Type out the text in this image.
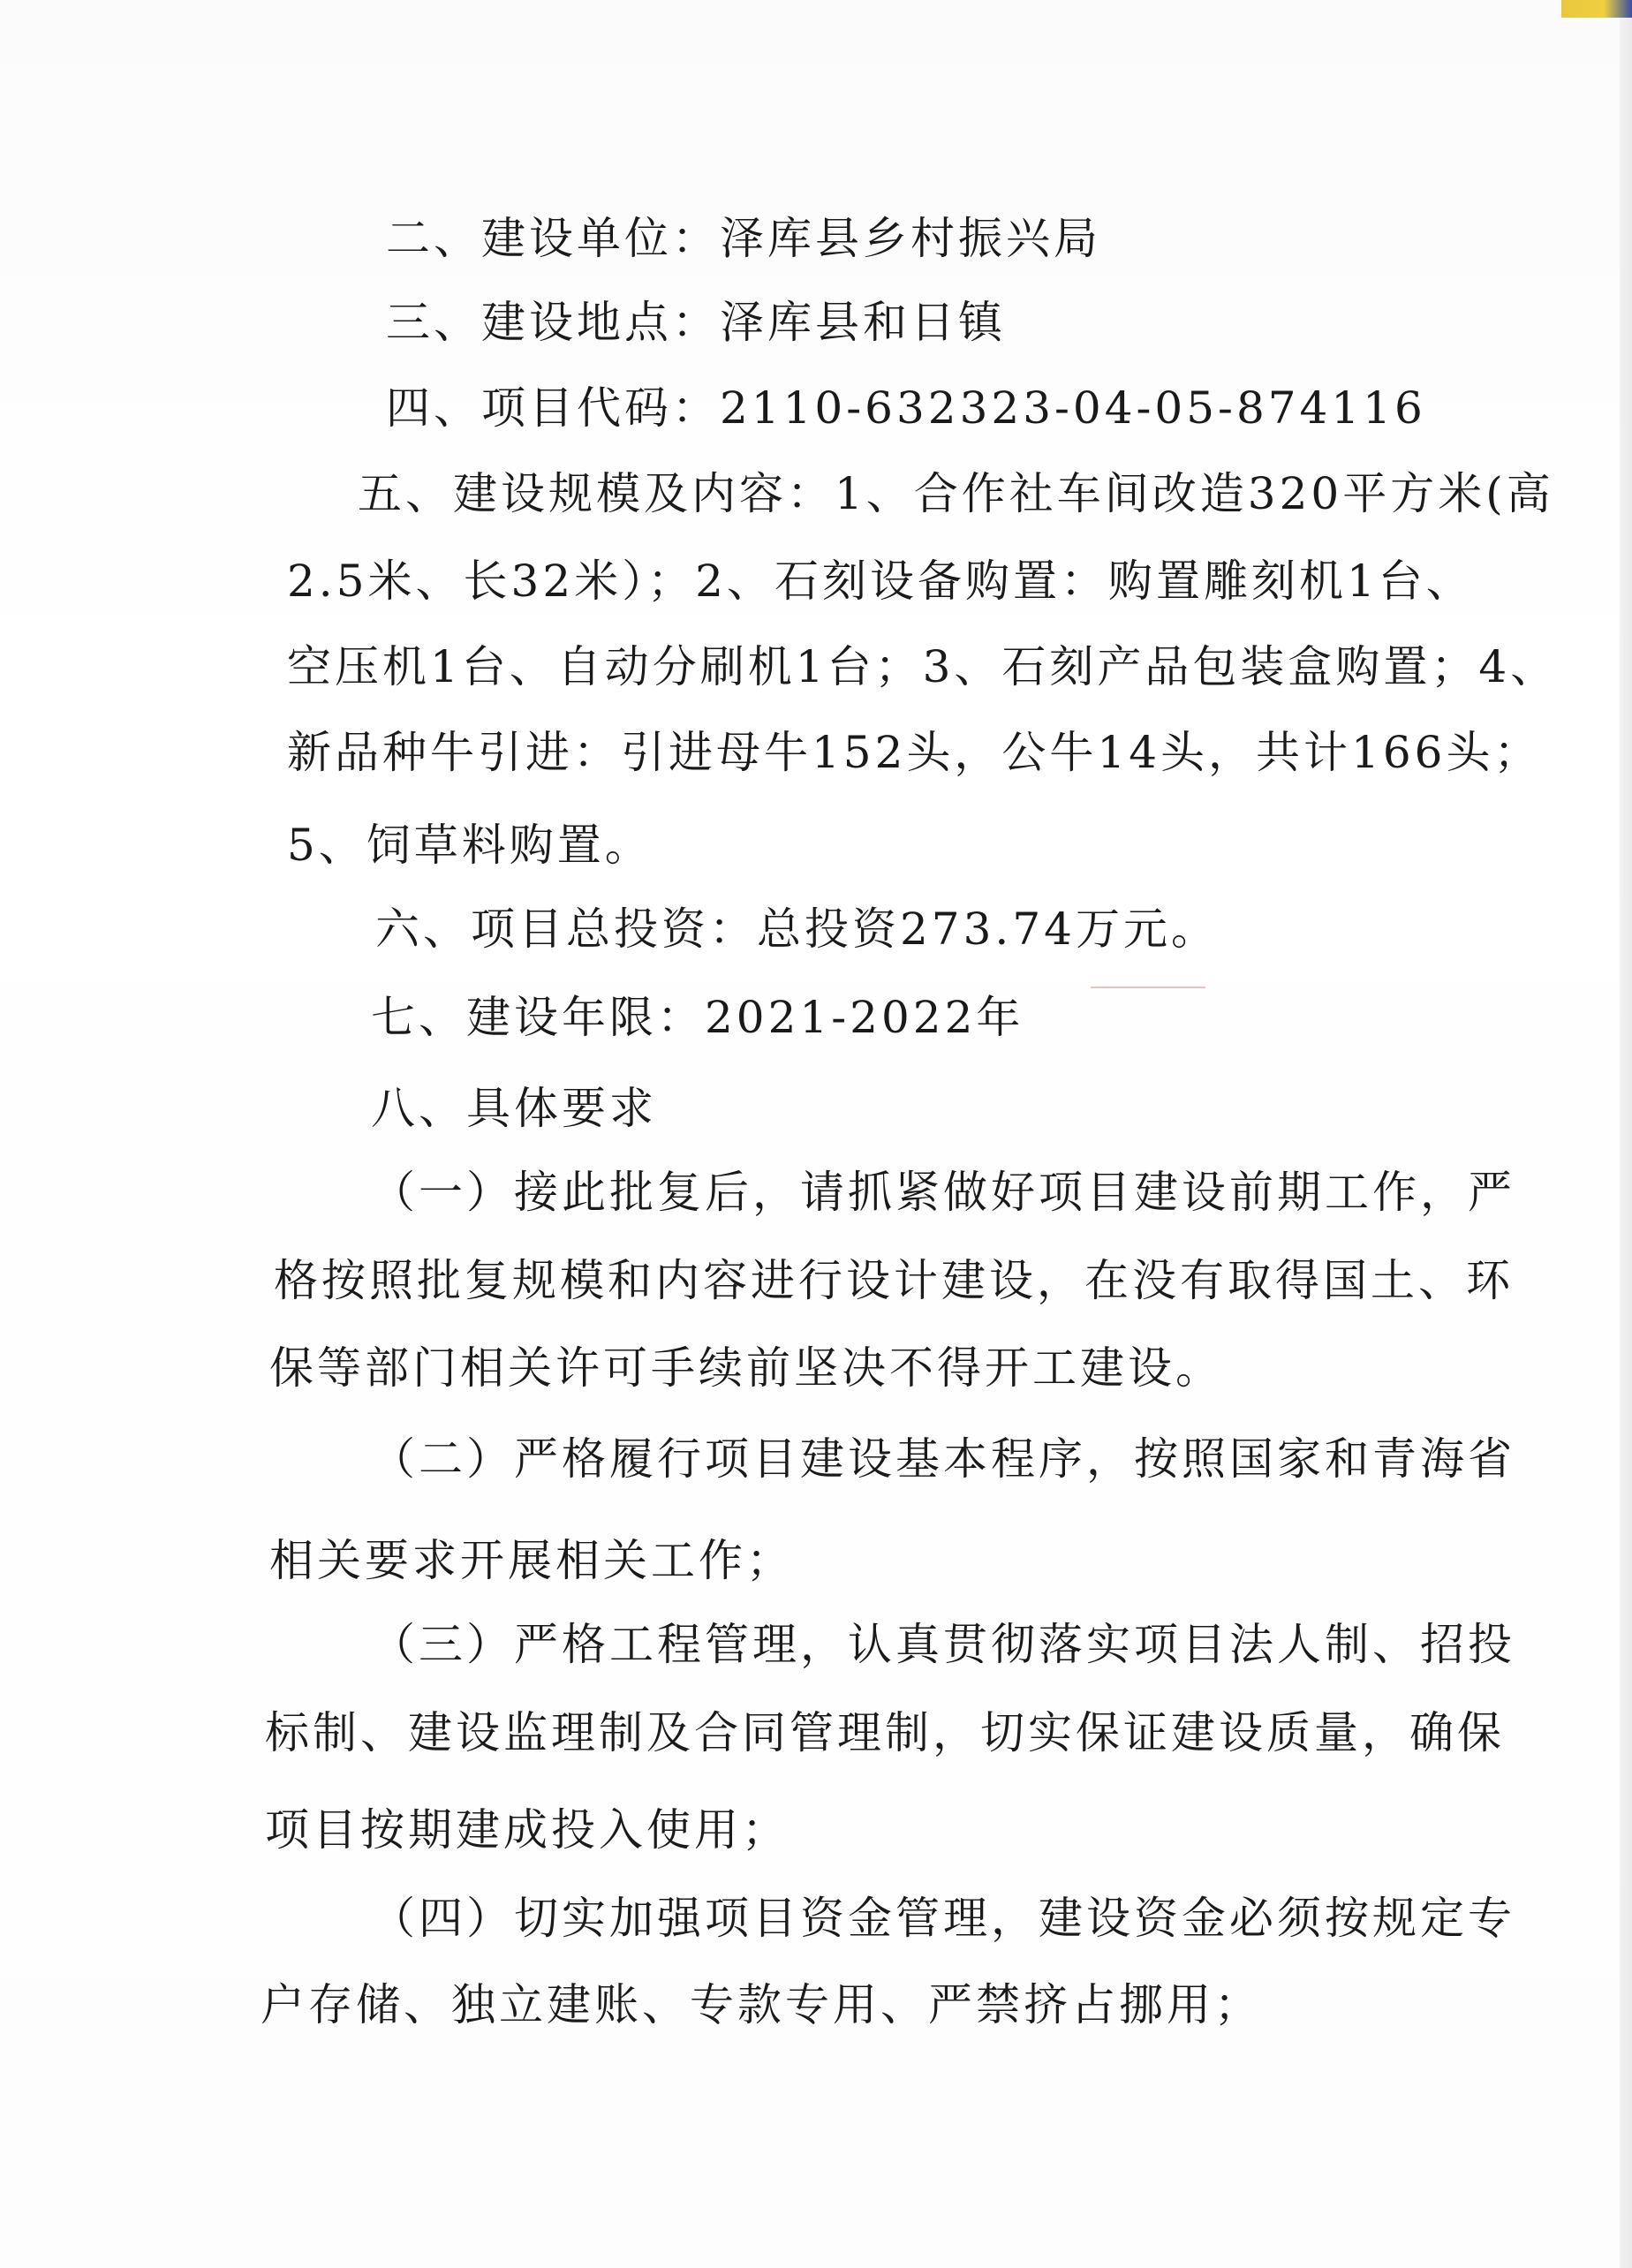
二、建设单位：泽库县乡村振兴局
三、建设地点：泽库县和日镇
四、项目代码：2110-632323-04-05-874116
五、建设规模及内容：1、合作社车间改造320平方米(高
2.5米、长32米）；2、石刻设备购置：购置雕刻机1台、
空压机1台、自动分刷机1台；3、石刻产品包装盒购置；4、
新品种牛引进：引进母牛152头，公牛14头，共计166头；
5、饲草料购置。
六、项目总投资：总投资273.74万元。
七、建设年限：2021-2022年
八、具体要求
（一）接此批复后，请抓紧做好项目建设前期工作，严
格按照批复规模和内容进行设计建设，在没有取得国土、环
保等部门相关许可手续前坚决不得开工建设。
（二）严格履行项目建设基本程序，按照国家和青海省
相关要求开展相关工作；
（三）严格工程管理，认真贯彻落实项目法人制、招投
标制、建设监理制及合同管理制，切实保证建设质量，确保
项目按期建成投入使用；
（四）切实加强项目资金管理，建设资金必须按规定专
户存储、独立建账、专款专用、严禁挤占挪用；
